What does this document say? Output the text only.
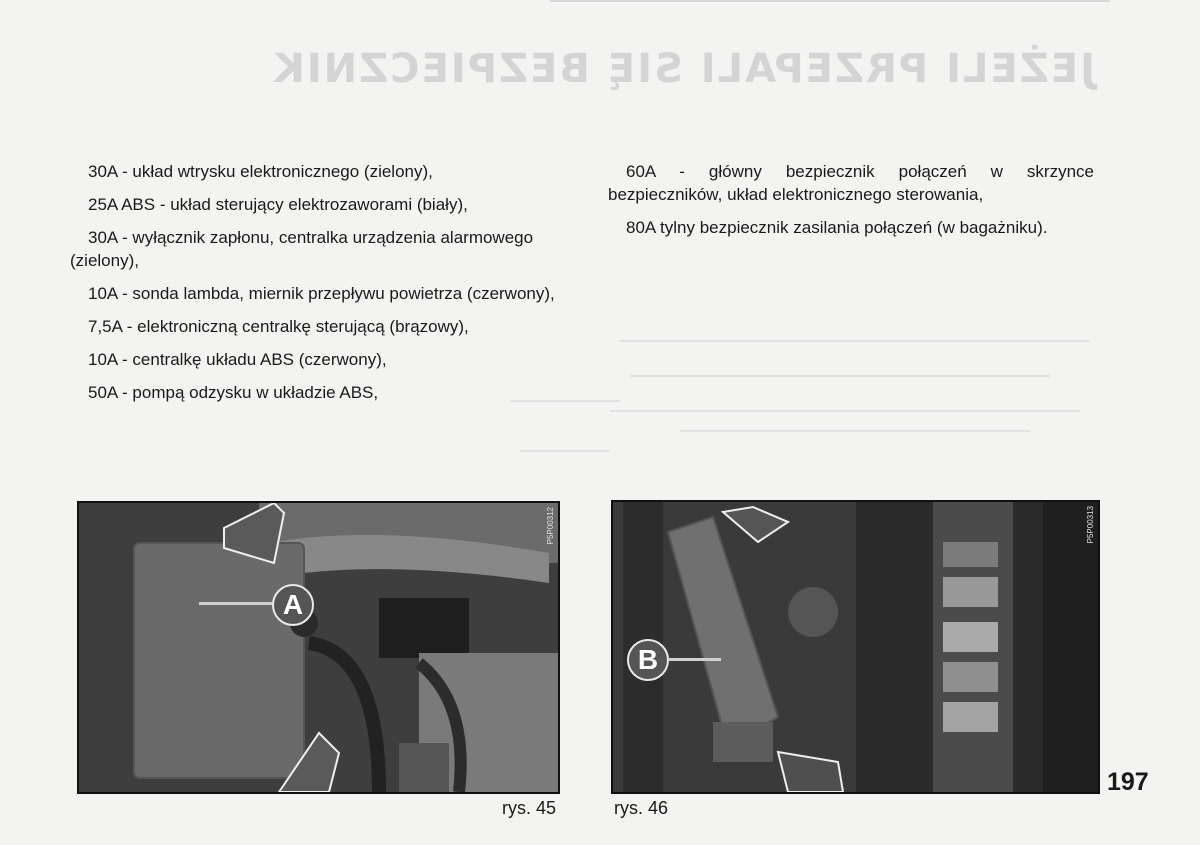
JEŻELI PRZEPALI SIĘ BEZPIECZNIK

30A - układ wtrysku elektronicznego (zielony),

25A ABS - układ sterujący elektrozaworami (biały),

30A - wyłącznik zapłonu, centralka urządzenia alarmowego (zielony),

10A - sonda lambda, miernik przepływu powietrza (czerwony),

7,5A - elektroniczną centralkę sterującą (brązowy),

10A - centralkę układu ABS (czerwony),

50A - pompą odzysku w układzie ABS,

60A - główny bezpiecznik połączeń w skrzynce bezpieczników, układ elektronicznego sterowania,

80A tylny bezpiecznik zasilania połączeń (w bagażniku).

A
P5P00312
rys. 45
B
P5P00313
rys. 46
197
